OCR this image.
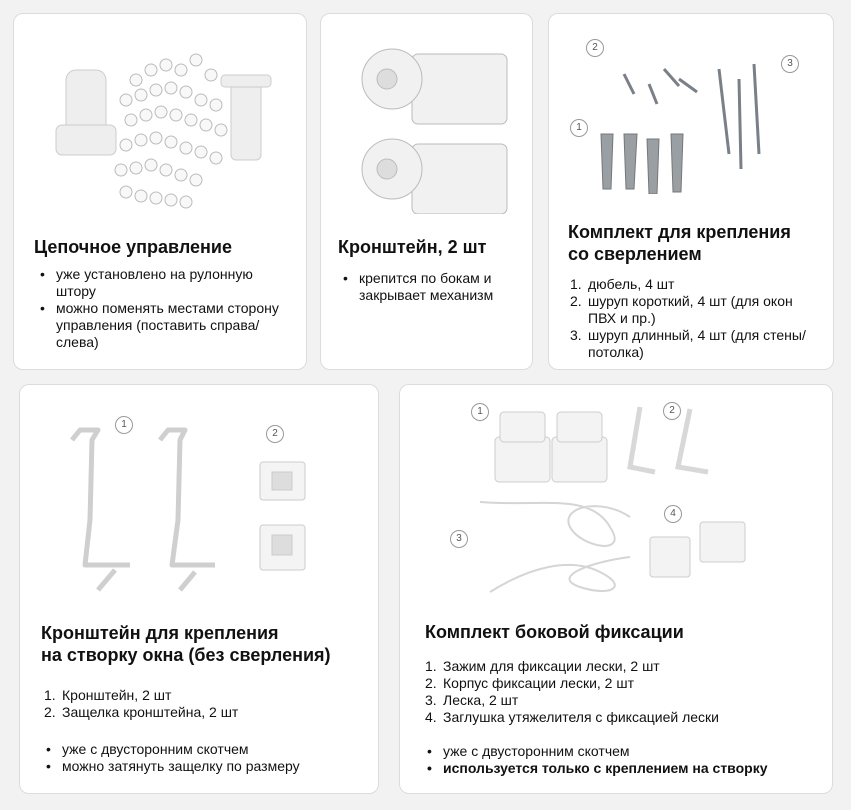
Цепочное управление
• уже установлено на рулонную штору
• можно поменять местами сторону управления (поставить справа/слева)
Кронштейн, 2 шт
• крепится по бокам и закрывает механизм
2
3
1
Комплект для крепления
со сверлением
1. дюбель, 4 шт
2. шуруп короткий, 4 шт (для окон ПВХ и пр.)
3. шуруп длинный, 4 шт (для стены/потолка)
1
2
Кронштейн для крепления
на створку окна (без сверления)
1. Кронштейн, 2 шт
2. Защелка кронштейна, 2 шт
• уже с двусторонним скотчем
• можно затянуть защелку по размеру
1	2
3
4
Комплект боковой фиксации
1. Зажим для фиксации лески, 2 шт
2. Корпус фиксации лески, 2 шт
3. Леска, 2 шт
4. Заглушка утяжелителя с фиксацией лески
• уже с двусторонним скотчем
• используется только с креплением на створку
